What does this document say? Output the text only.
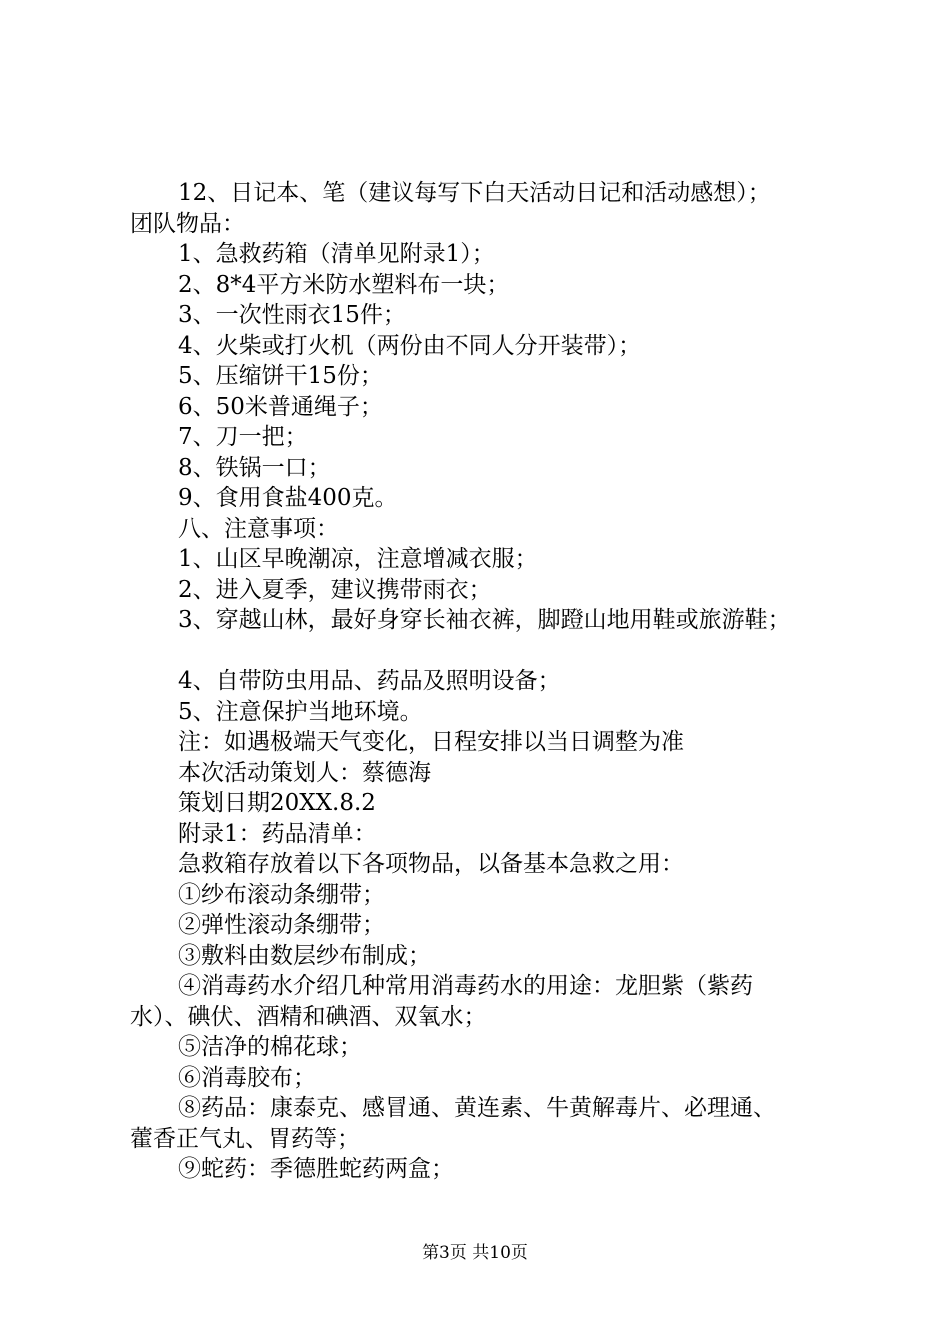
12、日记本、笔（建议每写下白天活动日记和活动感想）；
团队物品：
1、急救药箱（清单见附录1）；
2、8*4平方米防水塑料布一块；
3、一次性雨衣15件；
4、火柴或打火机（两份由不同人分开装带）；
5、压缩饼干15份；
6、50米普通绳子；
7、刀一把；
8、铁锅一口；
9、食用食盐400克。
八、注意事项：
1、山区早晚潮凉，注意增减衣服；
2、进入夏季，建议携带雨衣；
3、穿越山林，最好身穿长袖衣裤，脚蹬山地用鞋或旅游鞋；
4、自带防虫用品、药品及照明设备；
5、注意保护当地环境。
注：如遇极端天气变化，日程安排以当日调整为准
本次活动策划人：蔡德海
策划日期20XX.8.2
附录1：药品清单：
急救箱存放着以下各项物品，以备基本急救之用：
①纱布滚动条绷带；
②弹性滚动条绷带；
③敷料由数层纱布制成；
④消毒药水介绍几种常用消毒药水的用途：龙胆紫（紫药
水）、碘伏、酒精和碘酒、双氧水；
⑤洁净的棉花球；
⑥消毒胶布；
⑧药品：康泰克、感冒通、黄连素、牛黄解毒片、必理通、
藿香正气丸、胃药等；
⑨蛇药：季德胜蛇药两盒；
第3页 共10页
